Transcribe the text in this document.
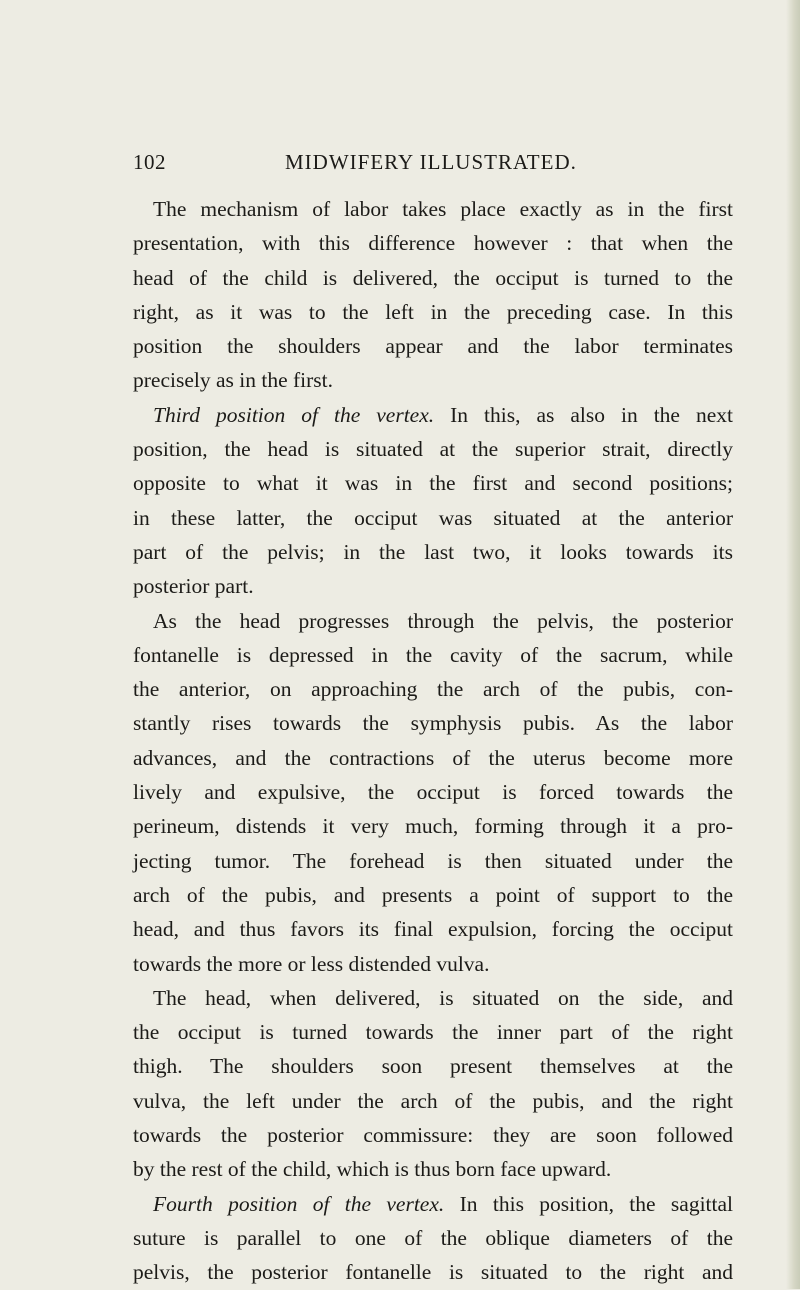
102	MIDWIFERY ILLUSTRATED.
The mechanism of labor takes place exactly as in the first
presentation, with this difference however : that when the
head of the child is delivered, the occiput is turned to the
right, as it was to the left in the preceding case. In this
position the shoulders appear and the labor terminates
precisely as in the first.
Third position of the vertex. In this, as also in the next
position, the head is situated at the superior strait, directly
opposite to what it was in the first and second positions;
in these latter, the occiput was situated at the anterior
part of the pelvis; in the last two, it looks towards its
posterior part.
As the head progresses through the pelvis, the posterior
fontanelle is depressed in the cavity of the sacrum, while
the anterior, on approaching the arch of the pubis, con-
stantly rises towards the symphysis pubis. As the labor
advances, and the contractions of the uterus become more
lively and expulsive, the occiput is forced towards the
perineum, distends it very much, forming through it a pro-
jecting tumor. The forehead is then situated under the
arch of the pubis, and presents a point of support to the
head, and thus favors its final expulsion, forcing the occiput
towards the more or less distended vulva.
The head, when delivered, is situated on the side, and
the occiput is turned towards the inner part of the right
thigh. The shoulders soon present themselves at the
vulva, the left under the arch of the pubis, and the right
towards the posterior commissure: they are soon followed
by the rest of the child, which is thus born face upward.
Fourth position of the vertex. In this position, the sagittal
suture is parallel to one of the oblique diameters of the
pelvis, the posterior fontanelle is situated to the right and
